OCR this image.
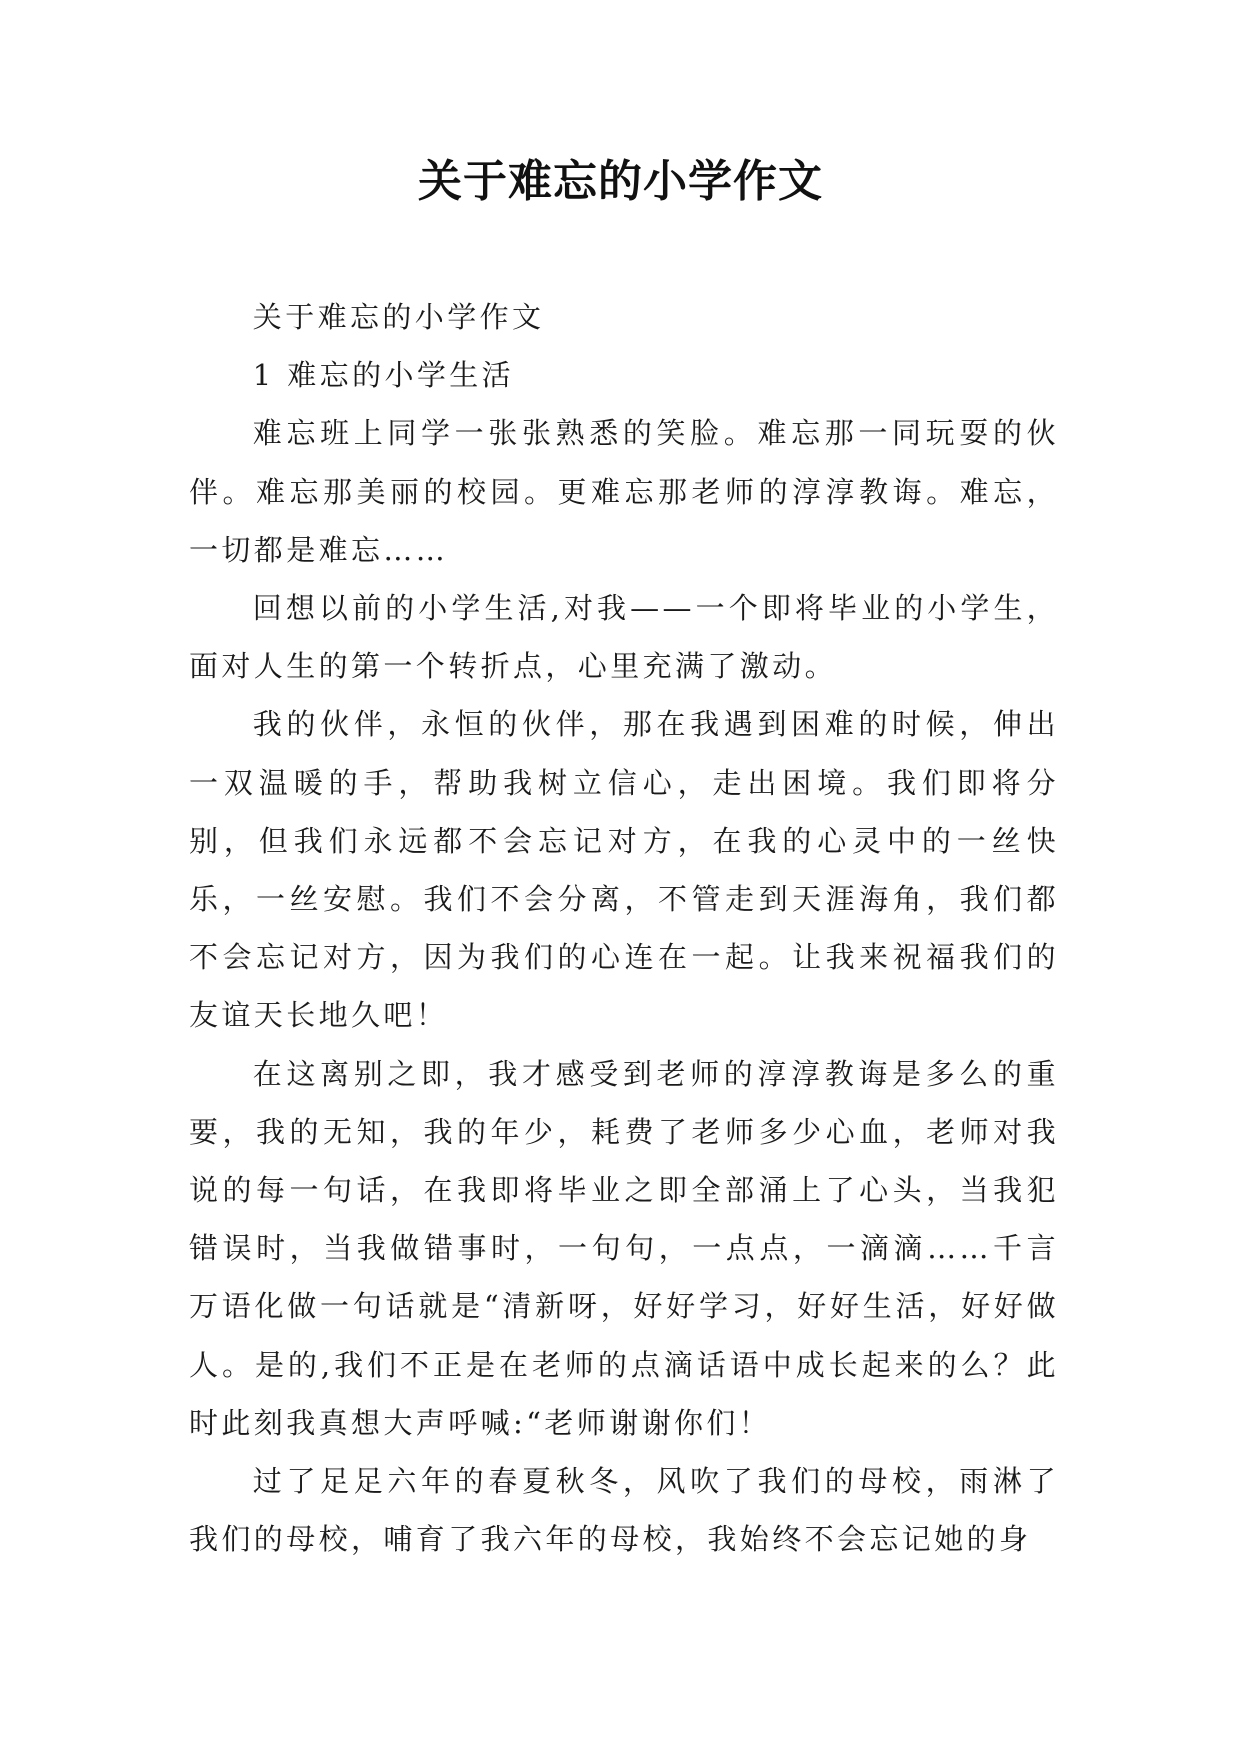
关于难忘的小学作文

关于难忘的小学作文

1 难忘的小学生活

难忘班上同学一张张熟悉的笑脸。难忘那一同玩耍的伙伴。难忘那美丽的校园。更难忘那老师的淳淳教诲。难忘，一切都是难忘……

回想以前的小学生活,对我——一个即将毕业的小学生，面对人生的第一个转折点，心里充满了激动。

我的伙伴，永恒的伙伴，那在我遇到困难的时候，伸出一双温暖的手，帮助我树立信心，走出困境。我们即将分别，但我们永远都不会忘记对方，在我的心灵中的一丝快乐，一丝安慰。我们不会分离，不管走到天涯海角，我们都不会忘记对方，因为我们的心连在一起。让我来祝福我们的友谊天长地久吧！

在这离别之即，我才感受到老师的淳淳教诲是多么的重要，我的无知，我的年少，耗费了老师多少心血，老师对我说的每一句话，在我即将毕业之即全部涌上了心头，当我犯错误时，当我做错事时，一句句，一点点，一滴滴……千言万语化做一句话就是“清新呀，好好学习，好好生活，好好做人。是的,我们不正是在老师的点滴话语中成长起来的么？此时此刻我真想大声呼喊:“老师谢谢你们！

过了足足六年的春夏秋冬，风吹了我们的母校，雨淋了我们的母校，哺育了我六年的母校，我始终不会忘记她的身
